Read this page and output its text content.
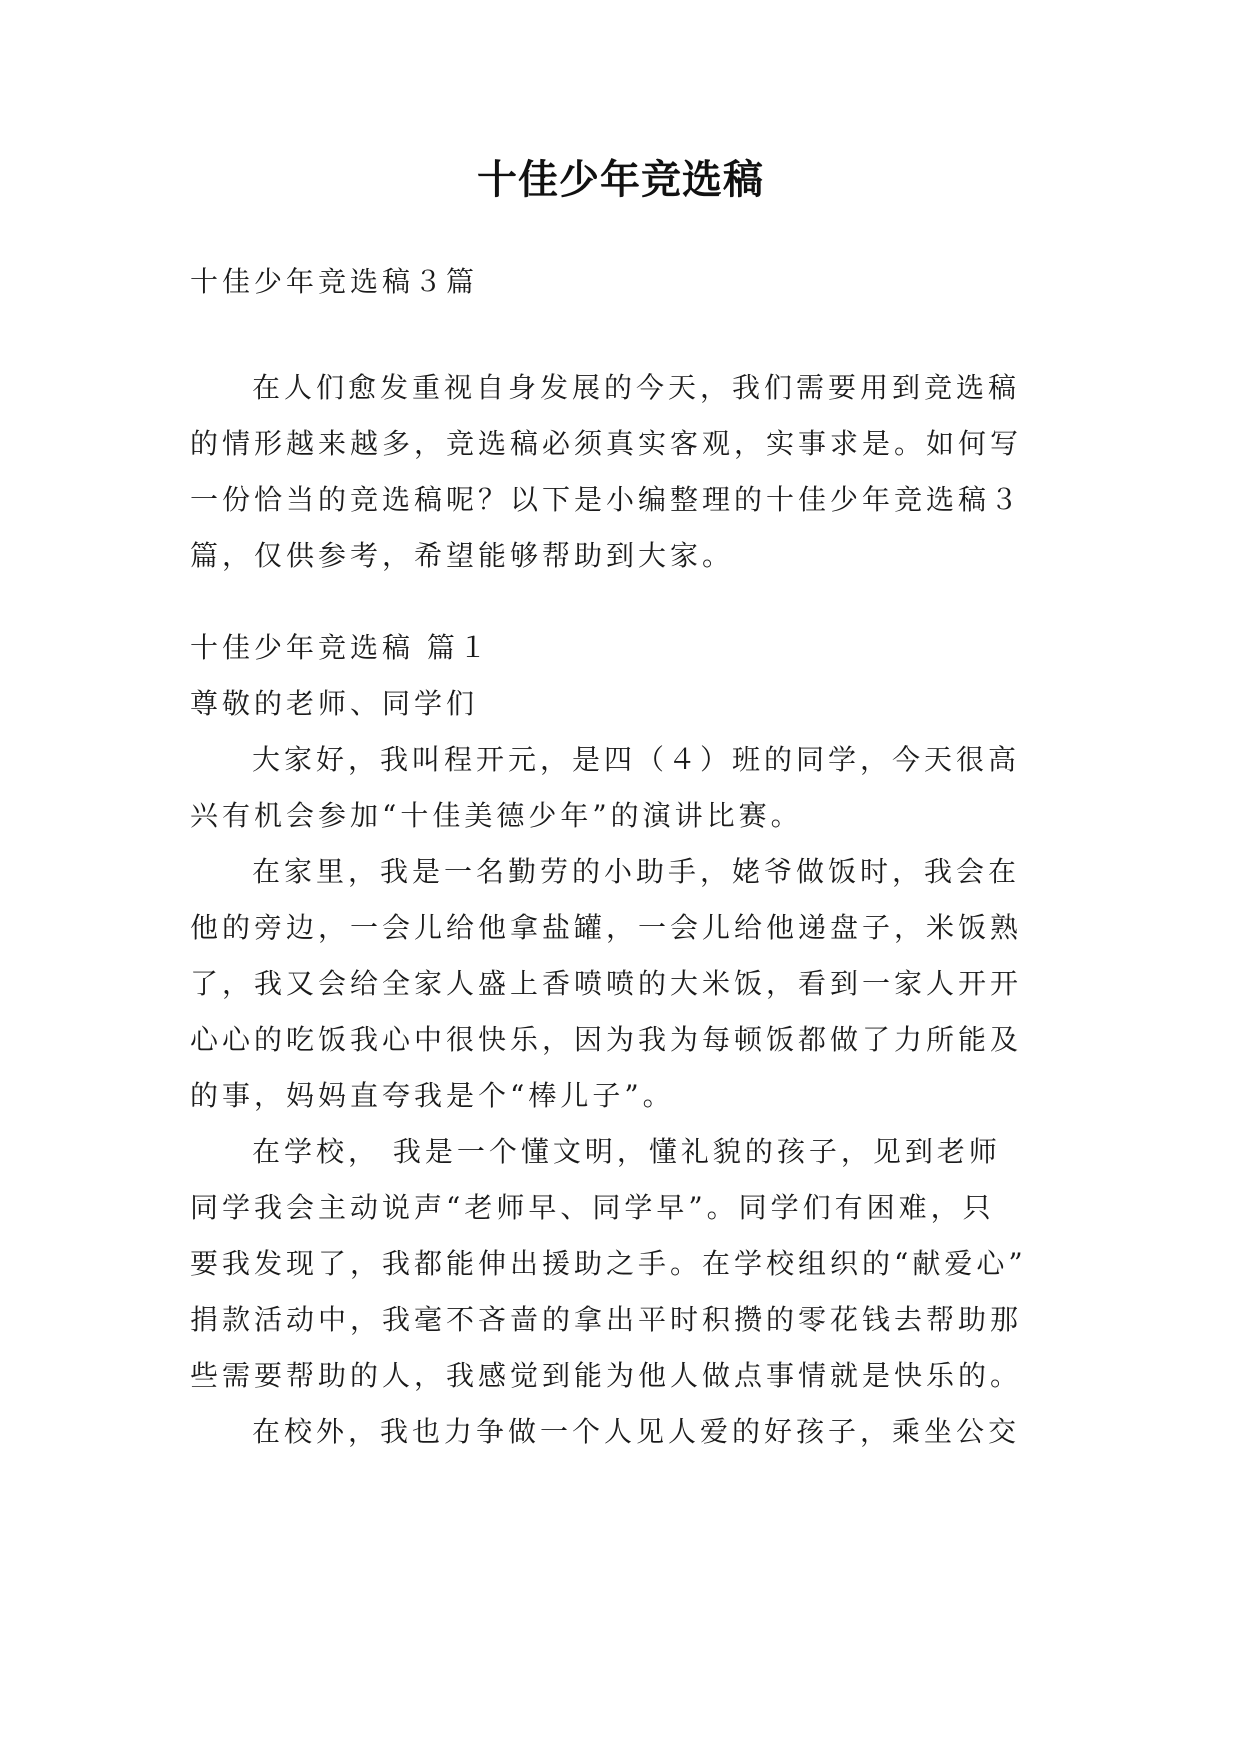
十佳少年竞选稿
十佳少年竞选稿３篇
在人们愈发重视自身发展的今天，我们需要用到竞选稿
的情形越来越多，竞选稿必须真实客观，实事求是。如何写
一份恰当的竞选稿呢？以下是小编整理的十佳少年竞选稿３
篇，仅供参考，希望能够帮助到大家。
十佳少年竞选稿 篇１
尊敬的老师、同学们
大家好，我叫程开元，是四（４）班的同学，今天很高
兴有机会参加“十佳美德少年”的演讲比赛。
在家里，我是一名勤劳的小助手，姥爷做饭时，我会在
他的旁边，一会儿给他拿盐罐，一会儿给他递盘子，米饭熟
了，我又会给全家人盛上香喷喷的大米饭，看到一家人开开
心心的吃饭我心中很快乐，因为我为每顿饭都做了力所能及
的事，妈妈直夸我是个“棒儿子”。
在学校， 我是一个懂文明，懂礼貌的孩子，见到老师
同学我会主动说声“老师早、同学早”。同学们有困难，只
要我发现了，我都能伸出援助之手。在学校组织的“献爱心”
捐款活动中，我毫不吝啬的拿出平时积攒的零花钱去帮助那
些需要帮助的人，我感觉到能为他人做点事情就是快乐的。
在校外，我也力争做一个人见人爱的好孩子，乘坐公交
